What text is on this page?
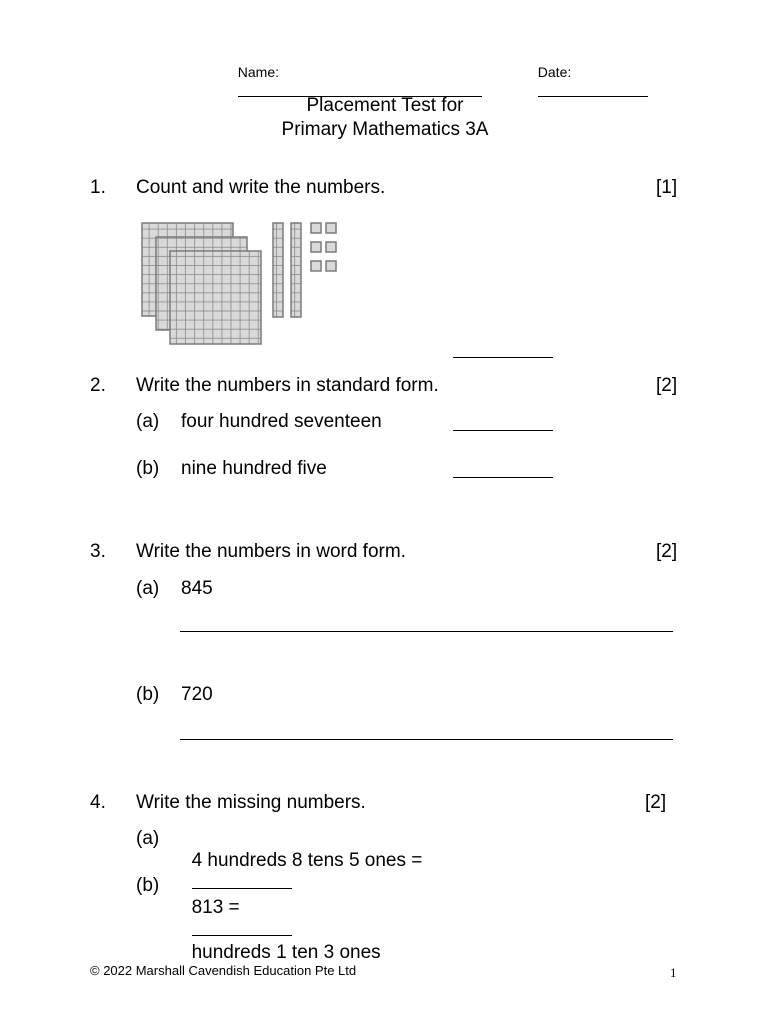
Name:
	Date:

Placement Test for
Primary Mathematics 3A
1. Count and write the numbers.	[1]
2. Write the numbers in standard form.	[2]
(a) four hundred seventeen
(b) nine hundred five
3. Write the numbers in word form.	[2]
(a) 845
(b) 720
4. Write the missing numbers.	[2]
(a)

4 hundreds 8 tens 5 ones =

(b)

813 =

hundreds 1 ten 3 ones

© 2022 Marshall Cavendish Education Pte Ltd	1
